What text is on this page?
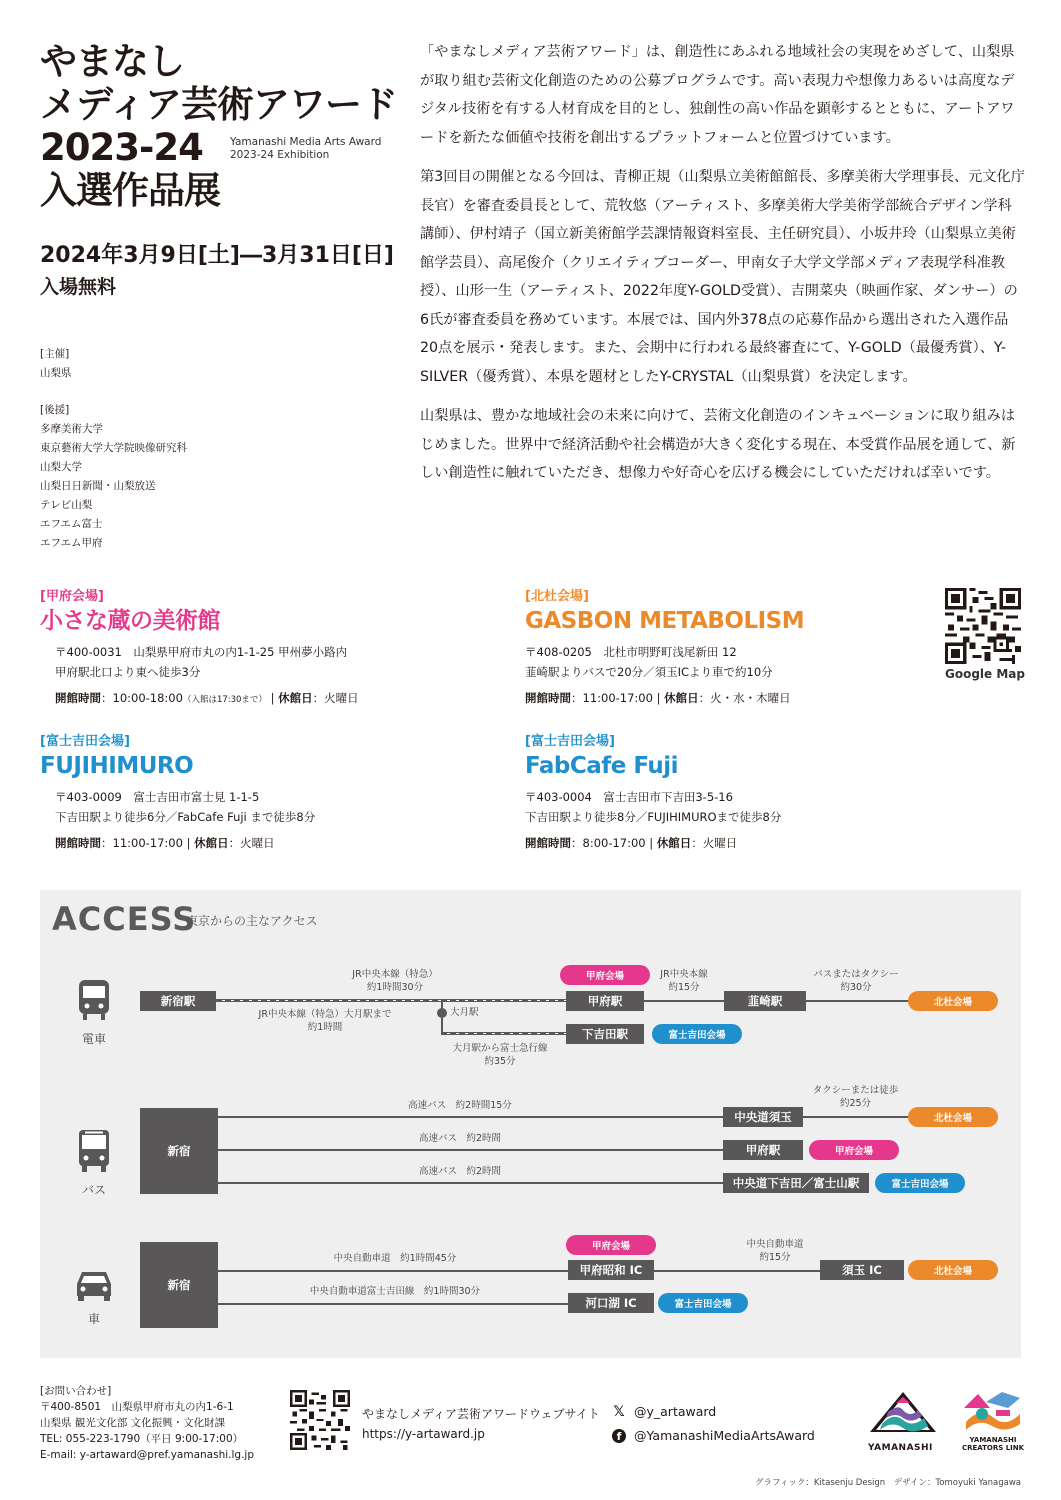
やまなし
メディア芸術アワード
2023-24
入選作品展
Yamanashi Media Arts Award
2023-24 Exhibition
2024年3月9日[土]―3月31日[日]
入場無料
[主催]
山梨県
[後援]
多摩美術大学
東京藝術大学大学院映像研究科
山梨大学
山梨日日新聞・山梨放送
テレビ山梨
エフエム富士
エフエム甲府

「やまなしメディア芸術アワード」は、創造性にあふれる地域社会の実現をめざして、山梨県が取り組む芸術文化創造のための公募プログラムです。高い表現力や想像力あるいは高度なデジタル技術を有する人材育成を目的とし、独創性の高い作品を顕彰するとともに、アートアワードを新たな価値や技術を創出するプラットフォームと位置づけています。

第3回目の開催となる今回は、青柳正規（山梨県立美術館館長、多摩美術大学理事長、元文化庁長官）を審査委員長として、荒牧悠（アーティスト、多摩美術大学美術学部統合デザイン学科講師）、伊村靖子（国立新美術館学芸課情報資料室長、主任研究員）、小坂井玲（山梨県立美術館学芸員）、高尾俊介（クリエイティブコーダー、甲南女子大学文学部メディア表現学科准教授）、山形一生（アーティスト、2022年度Y-GOLD受賞）、吉開菜央（映画作家、ダンサー）の6氏が審査委員を務めています。本展では、国内外378点の応募作品から選出された入選作品20点を展示・発表します。また、会期中に行われる最終審査にて、Y-GOLD（最優秀賞）、Y-SILVER（優秀賞）、本県を題材としたY-CRYSTAL（山梨県賞）を決定します。

山梨県は、豊かな地域社会の未来に向けて、芸術文化創造のインキュベーションに取り組みはじめました。世界中で経済活動や社会構造が大きく変化する現在、本受賞作品展を通して、新しい創造性に触れていただき、想像力や好奇心を広げる機会にしていただければ幸いです。

[甲府会場]
小さな蔵の美術館
〒400-0031　山梨県甲府市丸の内1-1-25 甲州夢小路内
甲府駅北口より東へ徒歩3分
開館時間：10:00-18:00（入館は17:30まで） | 休館日：火曜日
[北杜会場]
GASBON METABOLISM
〒408-0205　北杜市明野町浅尾新田 12
韮崎駅よりバスで20分／須玉ICより車で約10分
開館時間：11:00-17:00 | 休館日：火・水・木曜日
[富士吉田会場]
FUJIHIMURO
〒403-0009　富士吉田市富士見 1-1-5
下吉田駅より徒歩6分／FabCafe Fuji まで徒歩8分
開館時間：11:00-17:00 | 休館日：火曜日
[富士吉田会場]
FabCafe Fuji
〒403-0004　富士吉田市下吉田3-5-16
下吉田駅より徒歩8分／FUJIHIMUROまで徒歩8分
開館時間：8:00-17:00 | 休館日：火曜日
Google Map
ACCESS
東京からの主なアクセス
電車
新宿駅
JR中央本線（特急）
約1時間30分
JR中央本線（特急）大月駅まで
約1時間
大月駅
大月駅から富士急行線
約35分
甲府会場
甲府駅
JR中央本線
約15分
韮崎駅
バスまたはタクシー
約30分
北杜会場
下吉田駅	富士吉田会場
バス
新宿
高速バス　約2時間15分
中央道須玉
タクシーまたは徒歩
約25分
北杜会場
高速バス　約2時間
甲府駅	甲府会場
高速バス　約2時間
中央道下吉田／富士山駅	富士吉田会場
車
新宿
中央自動車道　約1時間45分
甲府会場
甲府昭和 IC
中央自動車道
約15分
須玉 IC	北杜会場
中央自動車道富士吉田線　約1時間30分
河口湖 IC	富士吉田会場
[お問い合わせ]
〒400-8501　山梨県甲府市丸の内1-6-1
山梨県 観光文化部 文化振興・文化財課
TEL: 055-223-1790（平日 9:00-17:00）
E-mail: y-artaward@pref.yamanashi.lg.jp
やまなしメディア芸術アワードウェブサイト
https://y-artaward.jp
𝕏 @y_artaward
f	@YamanashiMediaArtsAward
YAMANASHI
YAMANASHI CREATORS LINK
グラフィック：Kitasenju Design　デザイン：Tomoyuki Yanagawa
